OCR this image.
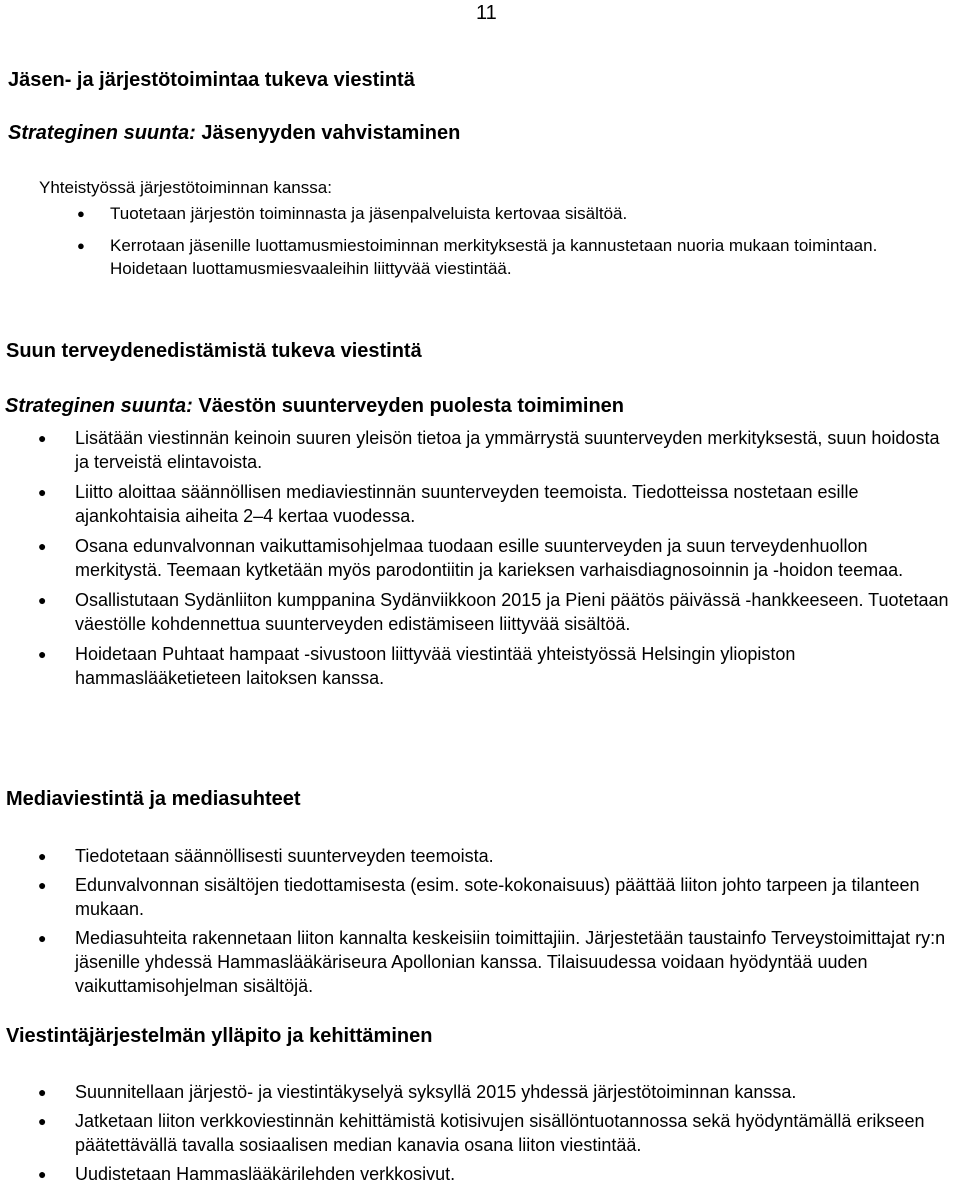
11
Jäsen- ja järjestötoimintaa tukeva viestintä
Strateginen suunta: Jäsenyyden vahvistaminen
Yhteistyössä järjestötoiminnan kanssa:
● Tuotetaan järjestön toiminnasta ja jäsenpalveluista kertovaa sisältöä.
● Kerrotaan jäsenille luottamusmiestoiminnan merkityksestä ja kannustetaan nuoria mukaan toimintaan. Hoidetaan luottamusmiesvaaleihin liittyvää viestintää.
Suun terveydenedistämistä tukeva viestintä
Strateginen suunta: Väestön suunterveyden puolesta toimiminen
● Lisätään viestinnän keinoin suuren yleisön tietoa ja ymmärrystä suunterveyden merkityksestä, suun hoidosta ja terveistä elintavoista.
● Liitto aloittaa säännöllisen mediaviestinnän suunterveyden teemoista. Tiedotteissa nostetaan esille ajankohtaisia aiheita 2–4 kertaa vuodessa.
● Osana edunvalvonnan vaikuttamisohjelmaa tuodaan esille suunterveyden ja suun terveydenhuollon merkitystä. Teemaan kytketään myös parodontiitin ja karieksen varhaisdiagnosoinnin ja -hoidon teemaa.
● Osallistutaan Sydänliiton kumppanina Sydänviikkoon 2015 ja Pieni päätös päivässä -hankkeeseen. Tuotetaan väestölle kohdennettua suunterveyden edistämiseen liittyvää sisältöä.
● Hoidetaan Puhtaat hampaat -sivustoon liittyvää viestintää yhteistyössä Helsingin yliopiston hammaslääketieteen laitoksen kanssa.
Mediaviestintä ja mediasuhteet
● Tiedotetaan säännöllisesti suunterveyden teemoista.
● Edunvalvonnan sisältöjen tiedottamisesta (esim. sote-kokonaisuus) päättää liiton johto tarpeen ja tilanteen mukaan.
● Mediasuhteita rakennetaan liiton kannalta keskeisiin toimittajiin. Järjestetään taustainfo Terveystoimittajat ry:n jäsenille yhdessä Hammaslääkäriseura Apollonian kanssa. Tilaisuudessa voidaan hyödyntää uuden vaikuttamisohjelman sisältöjä.
Viestintäjärjestelmän ylläpito ja kehittäminen
● Suunnitellaan järjestö- ja viestintäkyselyä syksyllä 2015 yhdessä järjestötoiminnan kanssa.
● Jatketaan liiton verkkoviestinnän kehittämistä kotisivujen sisällöntuotannossa sekä hyödyntämällä erikseen päätettävällä tavalla sosiaalisen median kanavia osana liiton viestintää.
● Uudistetaan Hammaslääkärilehden verkkosivut.
